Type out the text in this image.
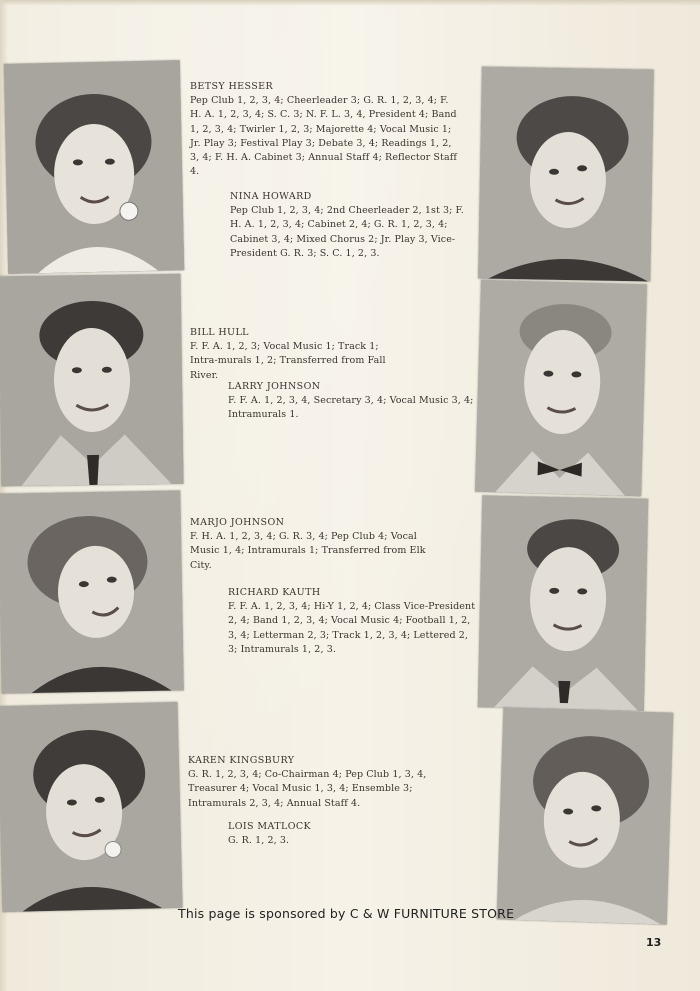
BETSY HESSER
Pep Club 1, 2, 3, 4; Cheerleader 3; G. R. 1, 2, 3, 4; F. H. A. 1, 2, 3, 4; S. C. 3; N. F. L. 3, 4, President 4; Band 1, 2, 3, 4; Twirler 1, 2, 3; Majorette 4; Vocal Music 1; Jr. Play 3; Festival Play 3; Debate 3, 4; Readings 1, 2, 3, 4; F. H. A. Cabinet 3; Annual Staff 4; Reflector Staff 4.
NINA HOWARD
Pep Club 1, 2, 3, 4; 2nd Cheerleader 2, 1st 3; F. H. A. 1, 2, 3, 4; Cabinet 2, 4; G. R. 1, 2, 3, 4; Cabinet 3, 4; Mixed Chorus 2; Jr. Play 3, Vice-President G. R. 3; S. C. 1, 2, 3.
BILL HULL
F. F. A. 1, 2, 3; Vocal Music 1; Track 1; Intra-murals 1, 2; Transferred from Fall River.
LARRY JOHNSON
F. F. A. 1, 2, 3, 4, Secretary 3, 4; Vocal Music 3, 4; Intramurals 1.
MARJO JOHNSON
F. H. A. 1, 2, 3, 4; G. R. 3, 4; Pep Club 4; Vocal Music 1, 4; Intramurals 1; Transferred from Elk City.
RICHARD KAUTH
F. F. A. 1, 2, 3, 4; Hi-Y 1, 2, 4; Class Vice-President 2, 4; Band 1, 2, 3, 4; Vocal Music 4; Football 1, 2, 3, 4; Letterman 2, 3; Track 1, 2, 3, 4; Lettered 2, 3; Intramurals 1, 2, 3.
KAREN KINGSBURY
G. R. 1, 2, 3, 4; Co-Chairman 4; Pep Club 1, 3, 4, Treasurer 4; Vocal Music 1, 3, 4; Ensemble 3; Intramurals 2, 3, 4; Annual Staff 4.
LOIS MATLOCK
G. R. 1, 2, 3.
This page is sponsored by C & W FURNITURE STORE
13
